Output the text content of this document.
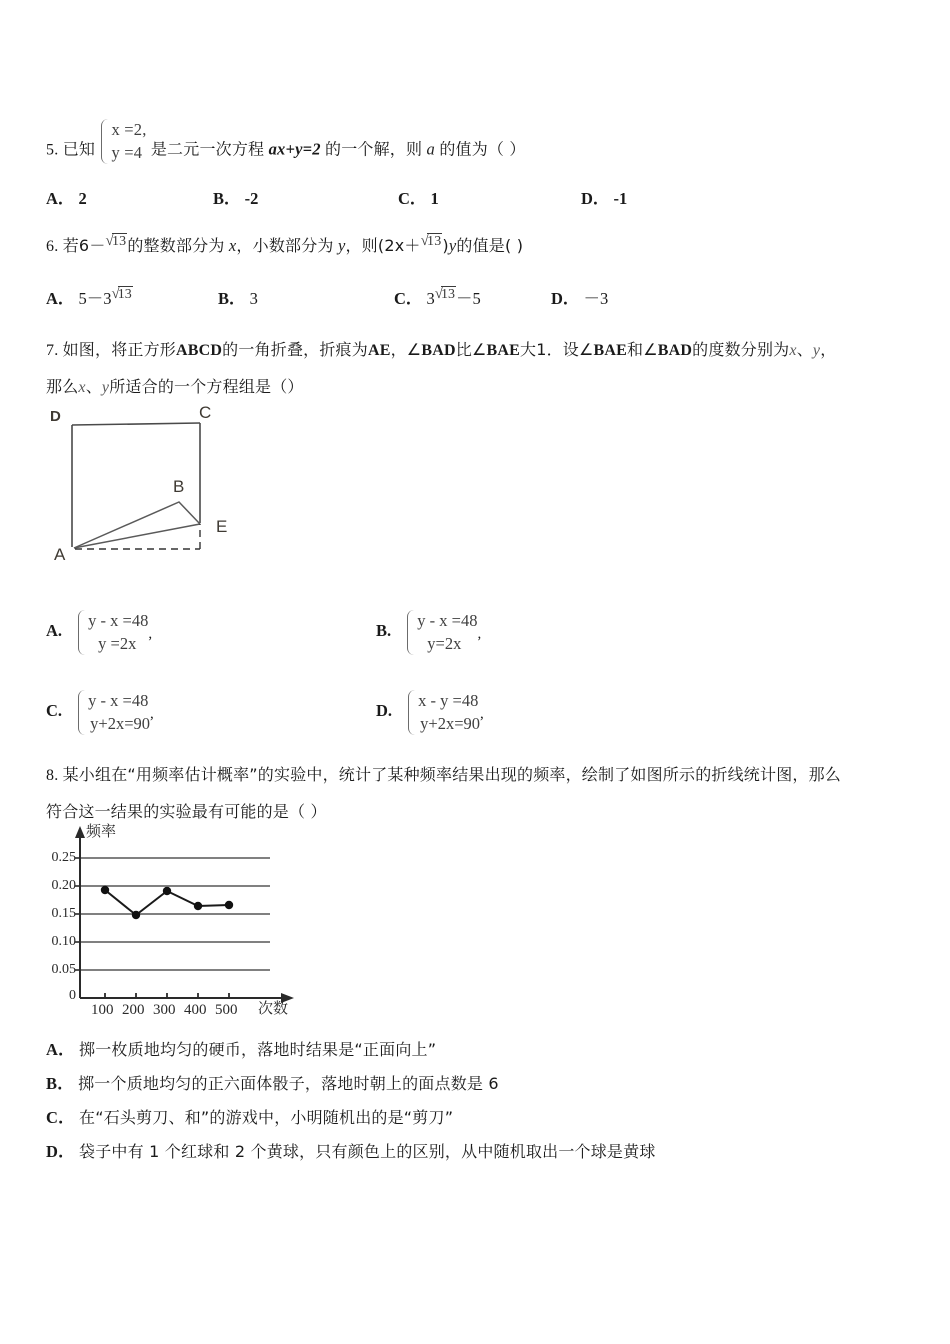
5. 已知
x =2,
y =4 是二元一次方程 ax+y=2 的一个解，则 a 的值为（ ）
A． 2	B． -2	C． 1	D． -1
6. 若6－√13的整数部分为 x，小数部分为 y，则(2x＋√13)y的值是( )
A． 5－3√13	B． 3	C． 3√13－5	D． －3
7. 如图，将正方形ABCD的一角折叠，折痕为AE，∠BAD比∠BAE大1．设∠BAE和∠BAD的度数分别为x、y，
那么x、y所适合的一个方程组是（）
D	C
B
E
A
A.
y - x =48
y =2x
,	B.
y - x =48
y=2x
,
C.
y - x =48
y+2x=90
,	D.
x - y =48
y+2x=90
,
8. 某小组在“用频率估计概率”的实验中，统计了某种频率结果出现的频率，绘制了如图所示的折线统计图，那么
符合这一结果的实验最有可能的是（ ）
频率
次数
0.25
0.20
0.15
0.10
0.05
0
100 200 300 400 500
A． 掷一枚质地均匀的硬币，落地时结果是“正面向上”
B． 掷一个质地均匀的正六面体骰子，落地时朝上的面点数是 6
C． 在“石头剪刀、和”的游戏中，小明随机出的是“剪刀”
D． 袋子中有 1 个红球和 2 个黄球，只有颜色上的区别，从中随机取出一个球是黄球
